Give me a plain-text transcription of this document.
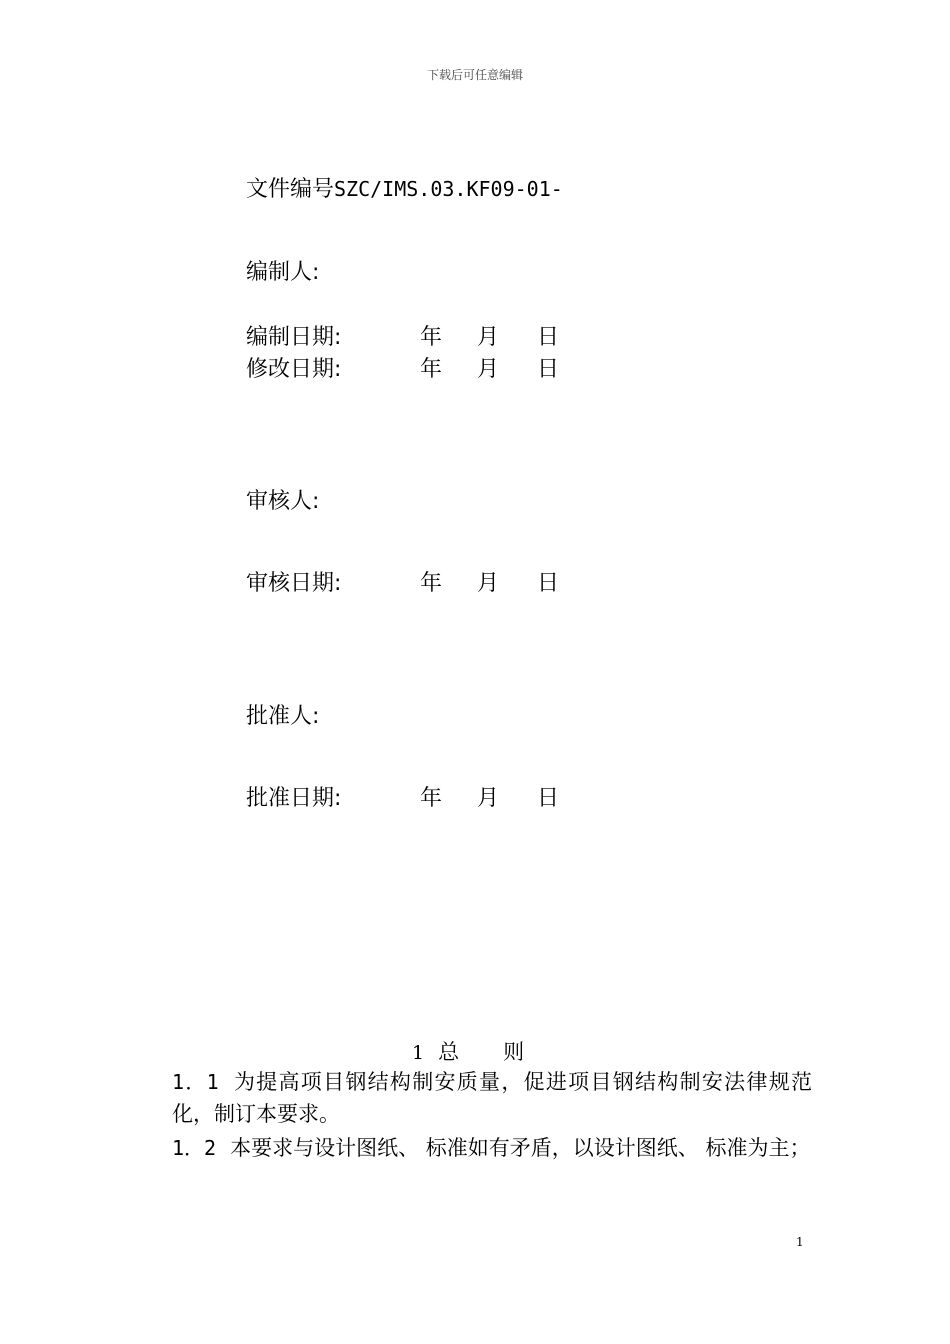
下载后可任意编辑
文件编号SZC/IMS.03.KF09-01-
编制人:
编制日期:	年 月 日
修改日期:	年 月 日
审核人:
审核日期:	年 月 日
批准人:
批准日期:	年 月 日
1 总 则
1．1 为提高项目钢结构制安质量，促进项目钢结构制安法律规范化，制订本要求。
1．2 本要求与设计图纸、 标准如有矛盾，以设计图纸、 标准为主；
1
